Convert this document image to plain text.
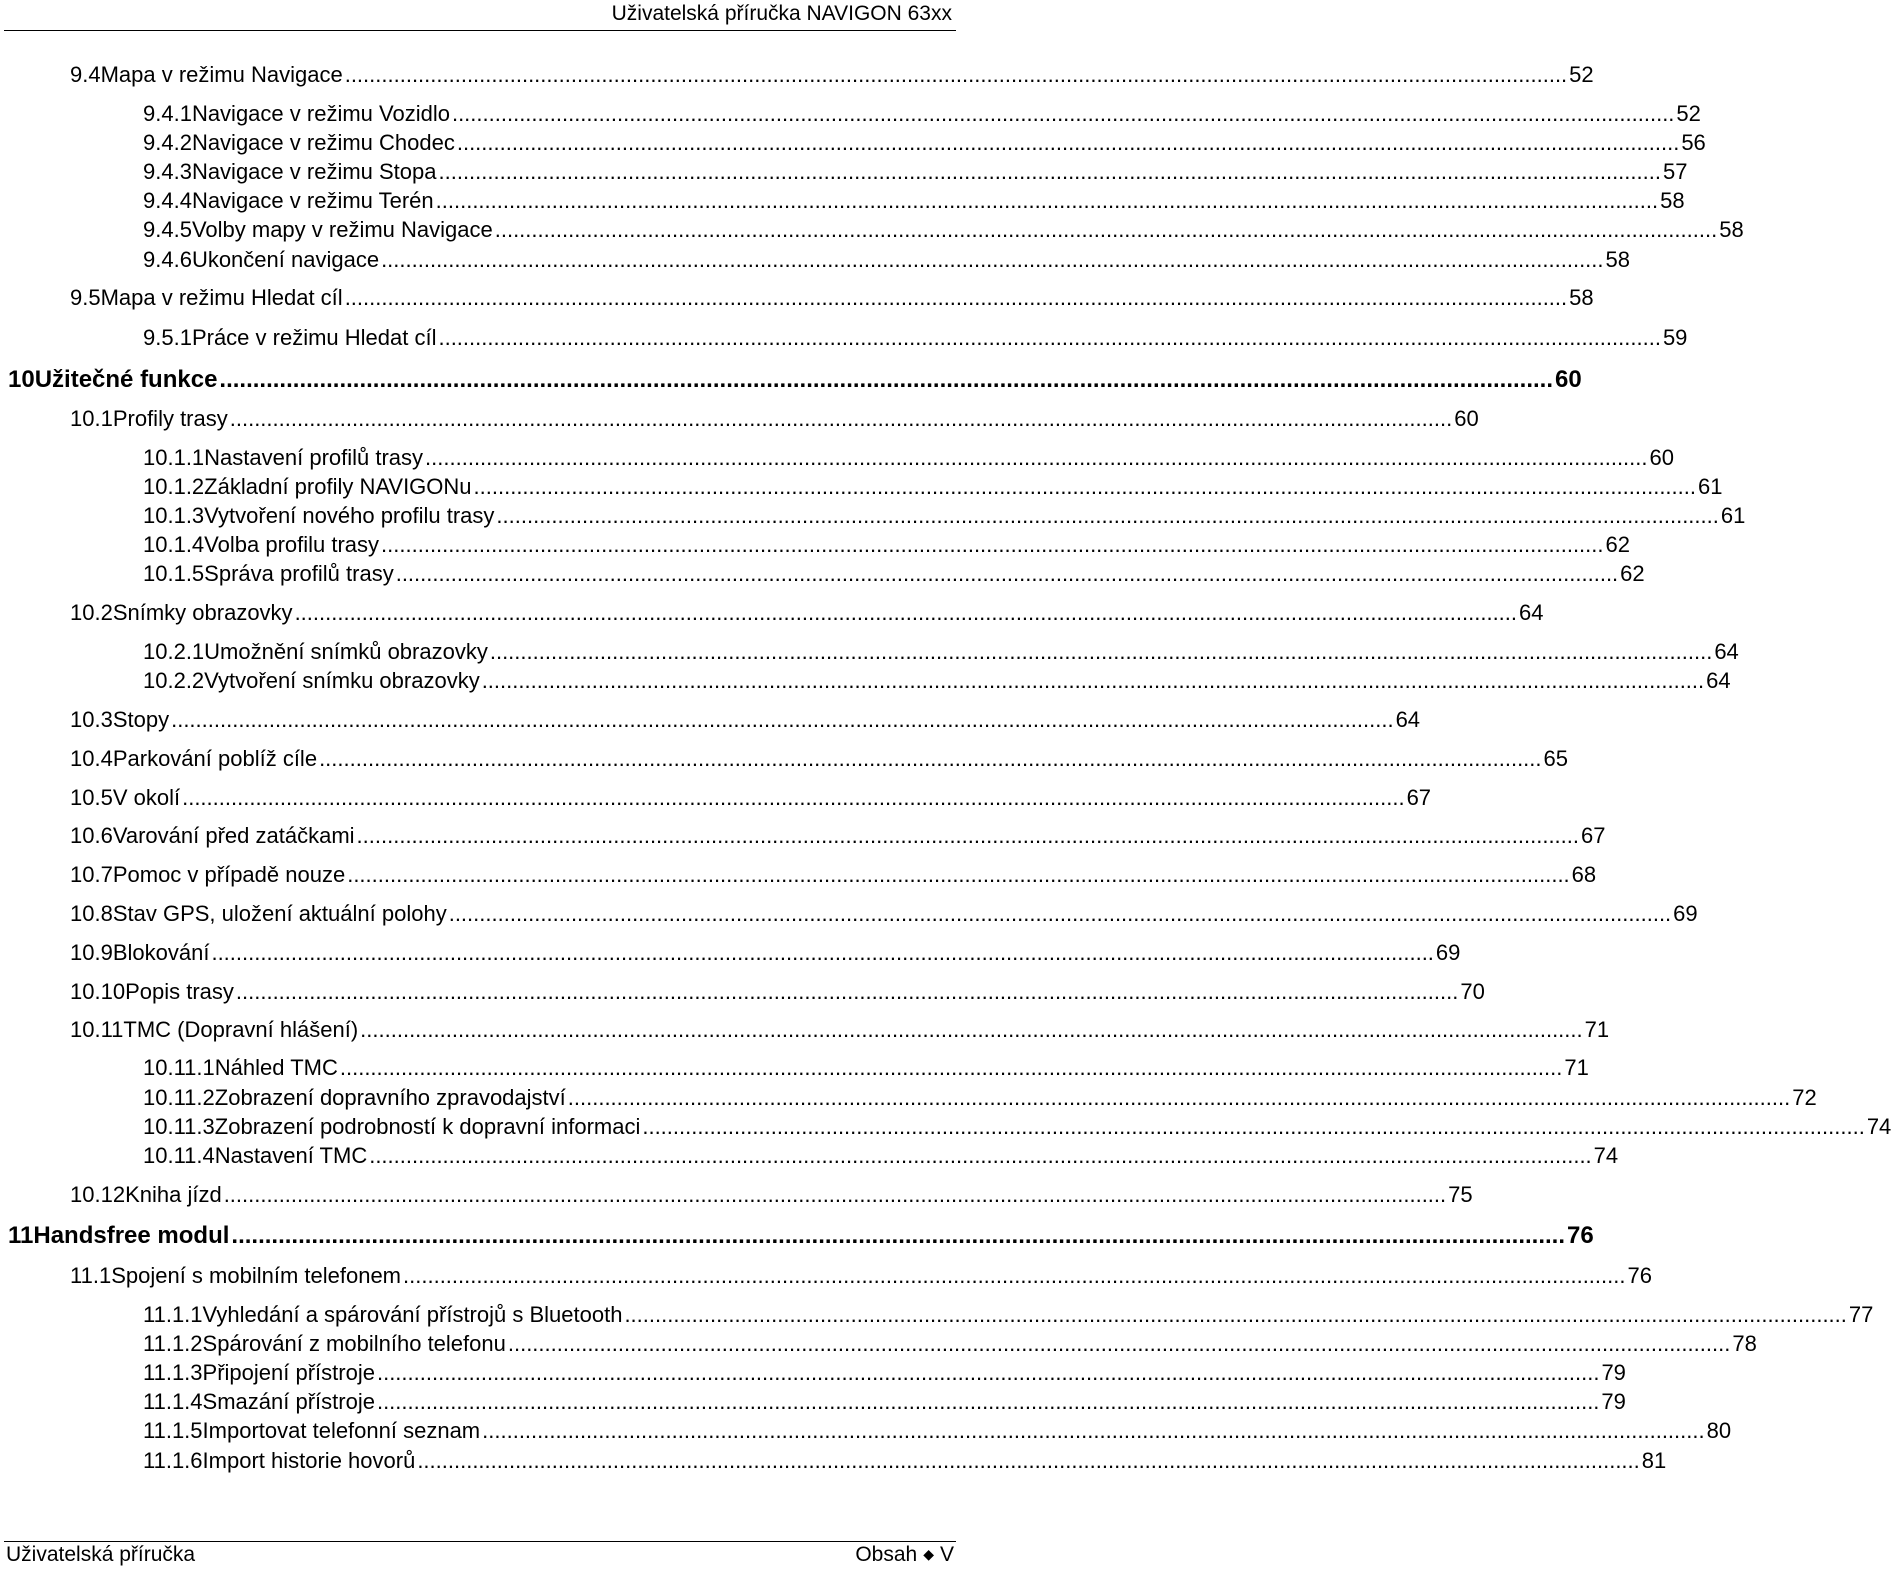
Uživatelská příručka NAVIGON 63xx
9.4 Mapa v režimu Navigace ........................................................................................................................................................................................................ 52
9.4.1 Navigace v režimu Vozidlo ........................................................................................................................................................................................................ 52
9.4.2 Navigace v režimu Chodec ........................................................................................................................................................................................................ 56
9.4.3 Navigace v režimu Stopa ........................................................................................................................................................................................................ 57
9.4.4 Navigace v režimu Terén ........................................................................................................................................................................................................ 58
9.4.5 Volby mapy v režimu Navigace ........................................................................................................................................................................................................ 58
9.4.6 Ukončení navigace ........................................................................................................................................................................................................ 58
9.5 Mapa v režimu Hledat cíl ........................................................................................................................................................................................................ 58
9.5.1 Práce v režimu Hledat cíl ........................................................................................................................................................................................................ 59
10 Užitečné funkce ........................................................................................................................................................................................................ 60
10.1 Profily trasy ........................................................................................................................................................................................................ 60
10.1.1 Nastavení profilů trasy ........................................................................................................................................................................................................ 60
10.1.2 Základní profily NAVIGONu ........................................................................................................................................................................................................ 61
10.1.3 Vytvoření nového profilu trasy ........................................................................................................................................................................................................ 61
10.1.4 Volba profilu trasy ........................................................................................................................................................................................................ 62
10.1.5 Správa profilů trasy ........................................................................................................................................................................................................ 62
10.2 Snímky obrazovky ........................................................................................................................................................................................................ 64
10.2.1 Umožnění snímků obrazovky ........................................................................................................................................................................................................ 64
10.2.2 Vytvoření snímku obrazovky ........................................................................................................................................................................................................ 64
10.3 Stopy ........................................................................................................................................................................................................ 64
10.4 Parkování poblíž cíle ........................................................................................................................................................................................................ 65
10.5 V okolí ........................................................................................................................................................................................................ 67
10.6 Varování před zatáčkami ........................................................................................................................................................................................................ 67
10.7 Pomoc v případě nouze ........................................................................................................................................................................................................ 68
10.8 Stav GPS, uložení aktuální polohy ........................................................................................................................................................................................................ 69
10.9 Blokování ........................................................................................................................................................................................................ 69
10.10 Popis trasy ........................................................................................................................................................................................................ 70
10.11 TMC (Dopravní hlášení) ........................................................................................................................................................................................................ 71
10.11.1 Náhled TMC ........................................................................................................................................................................................................ 71
10.11.2 Zobrazení dopravního zpravodajství ........................................................................................................................................................................................................ 72
10.11.3 Zobrazení podrobností k dopravní informaci ........................................................................................................................................................................................................ 74
10.11.4 Nastavení TMC ........................................................................................................................................................................................................ 74
10.12 Kniha jízd ........................................................................................................................................................................................................ 75
11 Handsfree modul ........................................................................................................................................................................................................ 76
11.1 Spojení s mobilním telefonem ........................................................................................................................................................................................................ 76
11.1.1 Vyhledání a spárování přístrojů s Bluetooth ........................................................................................................................................................................................................ 77
11.1.2 Spárování z mobilního telefonu ........................................................................................................................................................................................................ 78
11.1.3 Připojení přístroje ........................................................................................................................................................................................................ 79
11.1.4 Smazání přístroje ........................................................................................................................................................................................................ 79
11.1.5 Importovat telefonní seznam ........................................................................................................................................................................................................ 80
11.1.6 Import historie hovorů ........................................................................................................................................................................................................ 81
Uživatelská příručka	Obsah ◆ V
